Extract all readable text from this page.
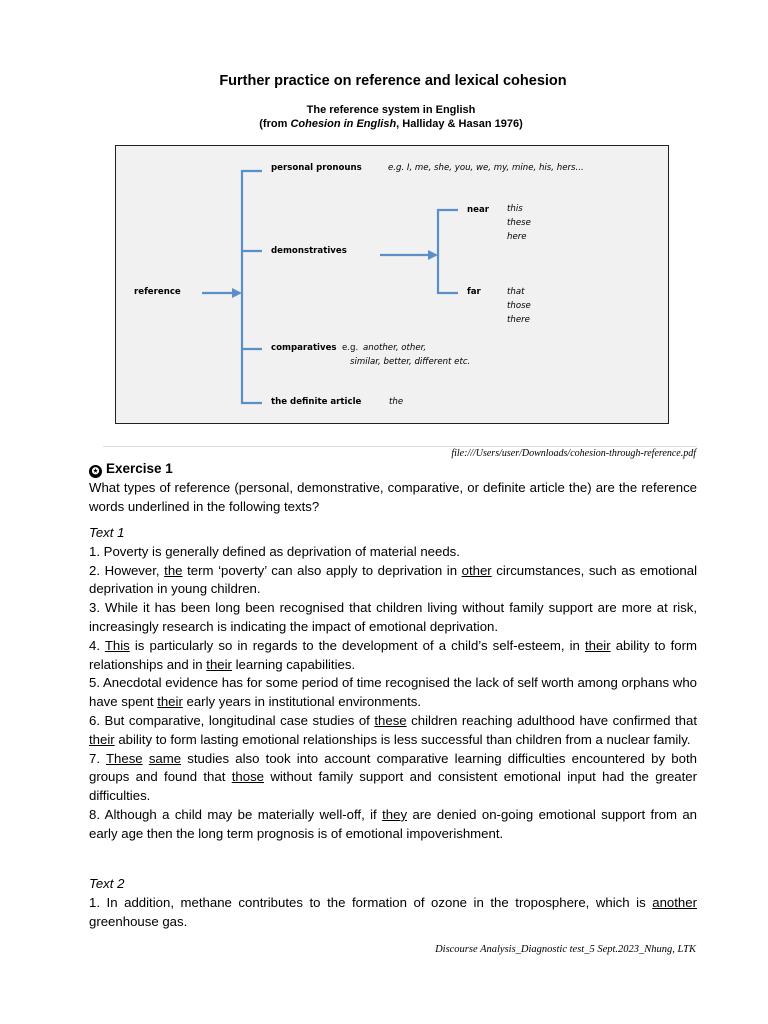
Further practice on reference and lexical cohesion
The reference system in English
(from Cohesion in English, Halliday & Hasan 1976)
reference
personal pronouns	e.g. I, me, she, you, we, my, mine, his, hers...
demonstratives
near this
these
here
far	that
those
there
comparatives e.g. another, other,
similar, better, different etc.
the definite article	the
file:///Users/user/Downloads/cohesion-through-reference.pdf
✪ Exercise 1

What types of reference (personal, demonstrative, comparative, or definite article the) are the reference words underlined in the following texts?

Text 1

1. Poverty is generally defined as deprivation of material needs.

2. However, the term ‘poverty’ can also apply to deprivation in other circumstances, such as emotional deprivation in young children.

3. While it has been long been recognised that children living without family support are more at risk, increasingly research is indicating the impact of emotional deprivation.

4. This is particularly so in regards to the development of a child’s self-esteem, in their ability to form relationships and in their learning capabilities.

5. Anecdotal evidence has for some period of time recognised the lack of self worth among orphans who have spent their early years in institutional environments.

6. But comparative, longitudinal case studies of these children reaching adulthood have confirmed that their ability to form lasting emotional relationships is less successful than children from a nuclear family.

7. These same studies also took into account comparative learning difficulties encountered by both groups and found that those without family support and consistent emotional input had the greater difficulties.

8. Although a child may be materially well-off, if they are denied on-going emotional support from an early age then the long term prognosis is of emotional impoverishment.

Text 2

1. In addition, methane contributes to the formation of ozone in the troposphere, which is another greenhouse gas.

Discourse Analysis_Diagnostic test_5 Sept.2023_Nhung, LTK
